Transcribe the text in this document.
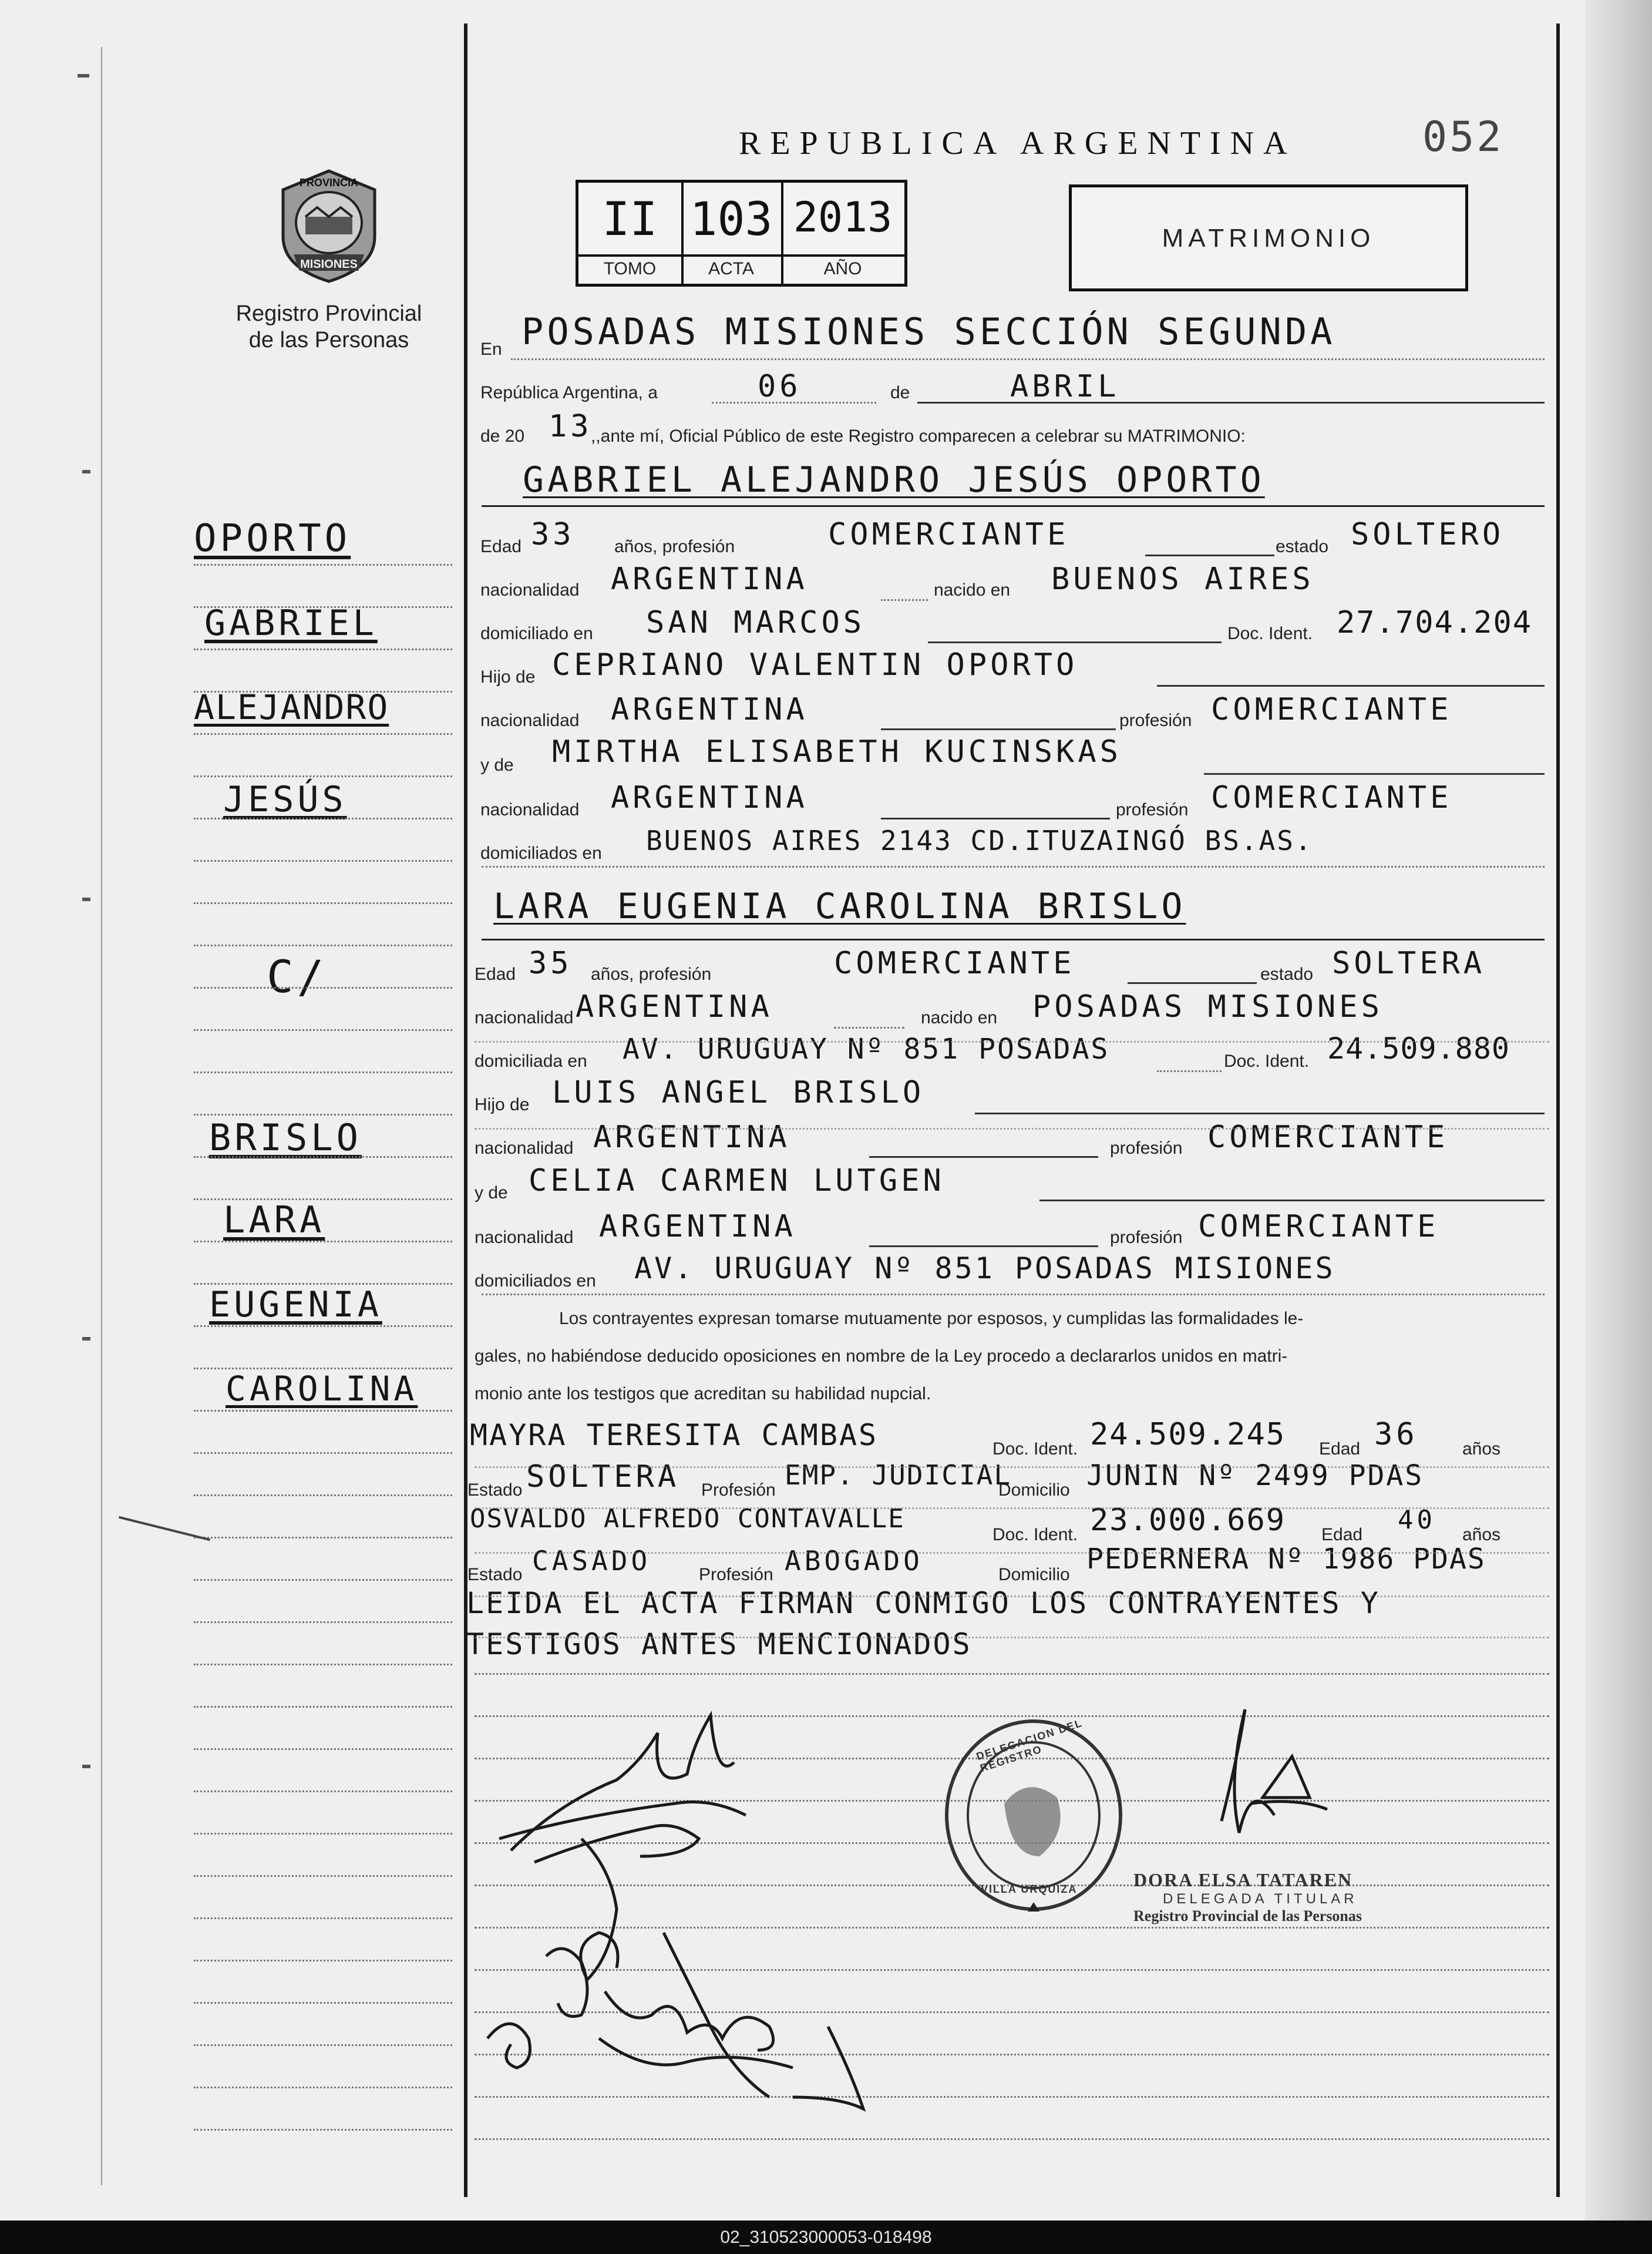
REPUBLICA ARGENTINA	052
PROVINCIA
MISIONES
Registro Provincial
de las Personas
II 103 2013
TOMO	ACTA	AÑO
MATRIMONIO
En POSADAS MISIONES SECCIÓN SEGUNDA
República Argentina, a	06	de	ABRIL
de 20 13
,,ante mí, Oficial Público de este Registro comparecen a celebrar su MATRIMONIO:
GABRIEL ALEJANDRO JESÚS OPORTO
Edad 33 años, profesión	COMERCIANTE	estado SOLTERO
nacionalidad ARGENTINA	nacido en BUENOS AIRES
domiciliado en SAN MARCOS	Doc. Ident. 27.704.204
Hijo de CEPRIANO VALENTIN OPORTO
nacionalidad ARGENTINA	profesión COMERCIANTE
y de MIRTHA ELISABETH KUCINSKAS
nacionalidad ARGENTINA	profesión COMERCIANTE
domiciliados en BUENOS AIRES 2143 CD.ITUZAINGÓ BS.AS.
LARA EUGENIA CAROLINA BRISLO
Edad 35 años, profesión	COMERCIANTE	estado SOLTERA
nacionalidad ARGENTINA	nacido en POSADAS MISIONES
domiciliada en AV. URUGUAY Nº 851 POSADAS	Doc. Ident. 24.509.880
Hijo de LUIS ANGEL BRISLO
nacionalidad ARGENTINA	profesión COMERCIANTE
y de CELIA CARMEN LUTGEN
nacionalidad ARGENTINA	profesión COMERCIANTE
domiciliados en AV. URUGUAY Nº 851 POSADAS MISIONES
OPORTO
GABRIEL
ALEJANDRO
JESÚS
C/
BRISLO
LARA
EUGENIA
CAROLINA
Los contrayentes expresan tomarse mutuamente por esposos, y cumplidas las formalidades le-
gales, no habiéndose deducido oposiciones en nombre de la Ley procedo a declararlos unidos en matri-
monio ante los testigos que acreditan su habilidad nupcial.
MAYRA TERESITA CAMBAS	Doc. Ident. 24.509.245 Edad 36	años
Estado SOLTERA Profesión EMP. JUDICIAL
Domicilio JUNIN Nº 2499 PDAS
OSVALDO ALFREDO CONTAVALLE
Doc. Ident. 23.000.669 Edad 40 años
Estado CASADO	Profesión ABOGADO	Domicilio PEDERNERA Nº 1986 PDAS
LEIDA EL ACTA FIRMAN CONMIGO LOS CONTRAYENTES Y
TESTIGOS ANTES MENCIONADOS
DELEGACION DEL REGISTRO
VILLA URQUIZA	DORA ELSA TATAREN
DELEGADA TITULAR
Registro Provincial de las Personas
02_310523000053-018498
